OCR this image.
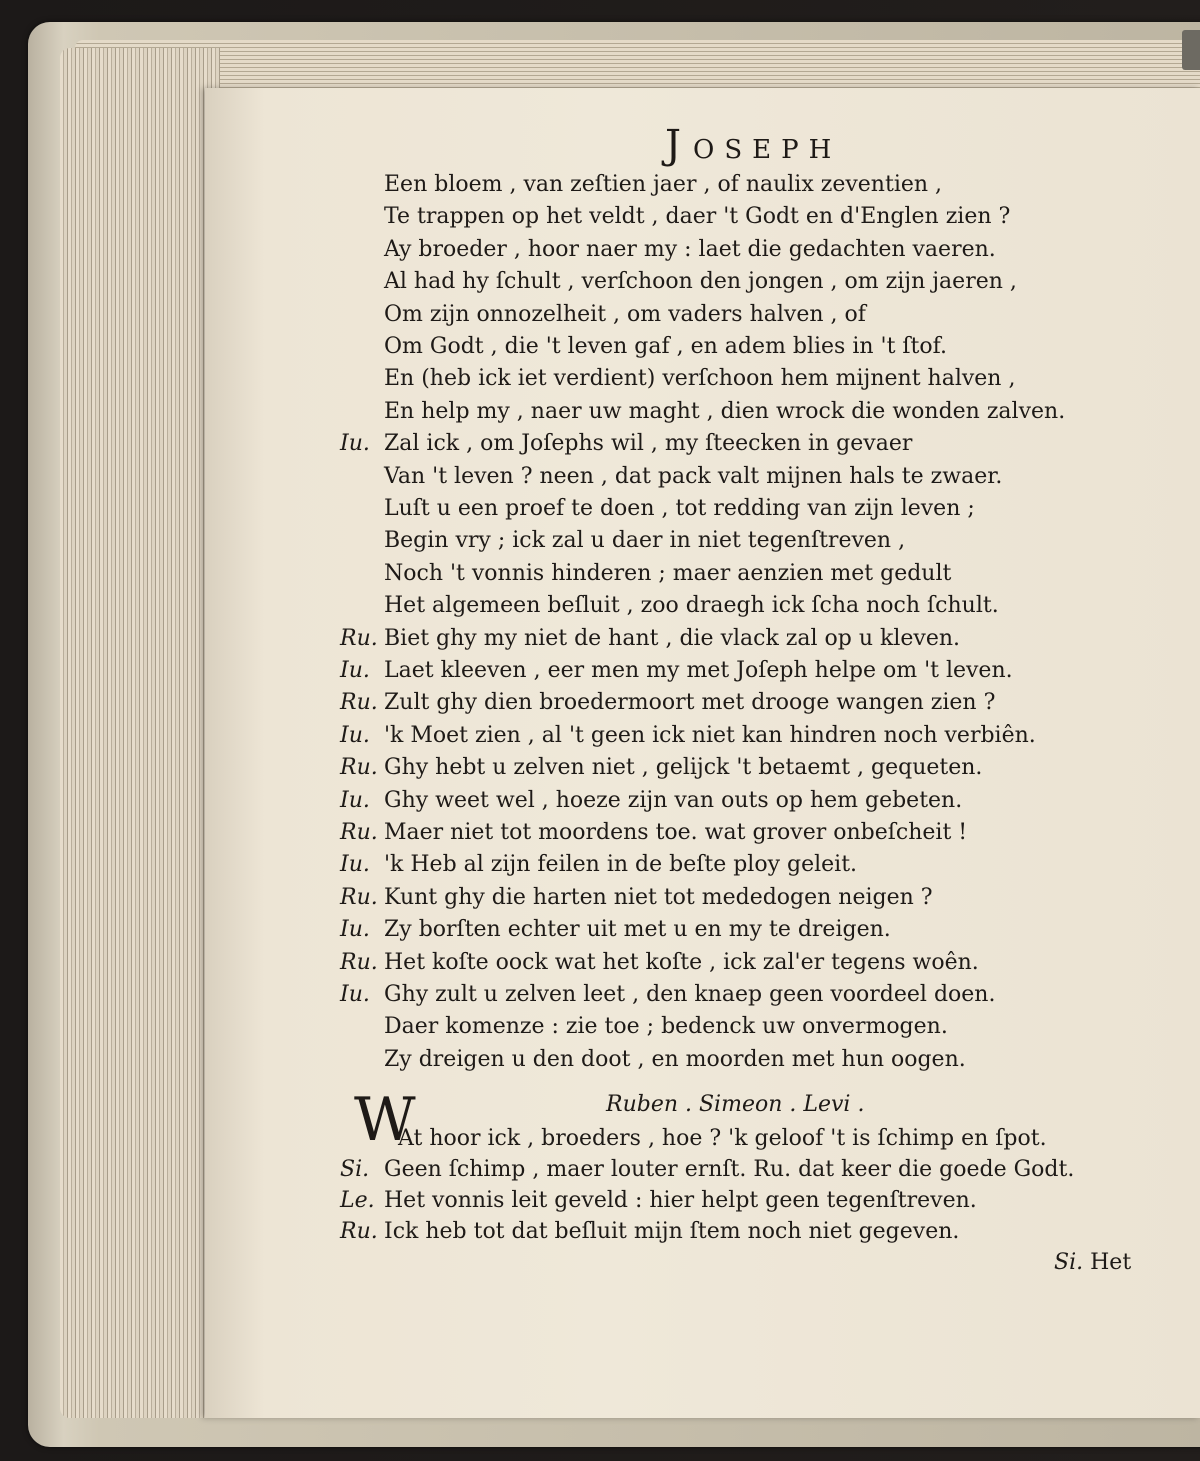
JOSEPH
Een bloem , van zeſtien jaer , of naulix zeventien ,
Te trappen op het veldt , daer 't Godt en d'Englen zien ?
Ay broeder , hoor naer my : laet die gedachten vaeren.
Al had hy ſchult , verſchoon den jongen , om zijn jaeren ,
Om zijn onnozelheit , om vaders halven , of
Om Godt , die 't leven gaf , en adem blies in 't ſtof.
En (heb ick iet verdient) verſchoon hem mijnent halven ,
En help my , naer uw maght , dien wrock die wonden zalven.
Iu. Zal ick , om Joſephs wil , my ſteecken in gevaer
Van 't leven ? neen , dat pack valt mijnen hals te zwaer.
Luſt u een proef te doen , tot redding van zijn leven ;
Begin vry ; ick zal u daer in niet tegenſtreven ,
Noch 't vonnis hinderen ; maer aenzien met gedult
Het algemeen beſluit , zoo draegh ick ſcha noch ſchult.
Ru. Biet ghy my niet de hant , die vlack zal op u kleven.
Iu. Laet kleeven , eer men my met Joſeph helpe om 't leven.
Ru. Zult ghy dien broedermoort met drooge wangen zien ?
Iu. 'k Moet zien , al 't geen ick niet kan hindren noch verbiên.
Ru. Ghy hebt u zelven niet , gelijck 't betaemt , gequeten.
Iu. Ghy weet wel , hoeze zijn van outs op hem gebeten.
Ru. Maer niet tot moordens toe. wat grover onbeſcheit !
Iu. 'k Heb al zijn feilen in de beſte ploy geleit.
Ru. Kunt ghy die harten niet tot mededogen neigen ?
Iu. Zy borſten echter uit met u en my te dreigen.
Ru. Het koſte oock wat het koſte , ick zal'er tegens woên.
Iu. Ghy zult u zelven leet , den knaep geen voordeel doen.
Daer komenze : zie toe ; bedenck uw onvermogen.
Zy dreigen u den doot , en moorden met hun oogen.
W	Ruben . Simeon . Levi .
At hoor ick , broeders , hoe ? 'k geloof 't is ſchimp en ſpot.
Si. Geen ſchimp , maer louter ernſt. Ru. dat keer die goede Godt.
Le. Het vonnis leit geveld : hier helpt geen tegenſtreven.
Ru. Ick heb tot dat beſluit mijn ſtem noch niet gegeven.
Si. Het
